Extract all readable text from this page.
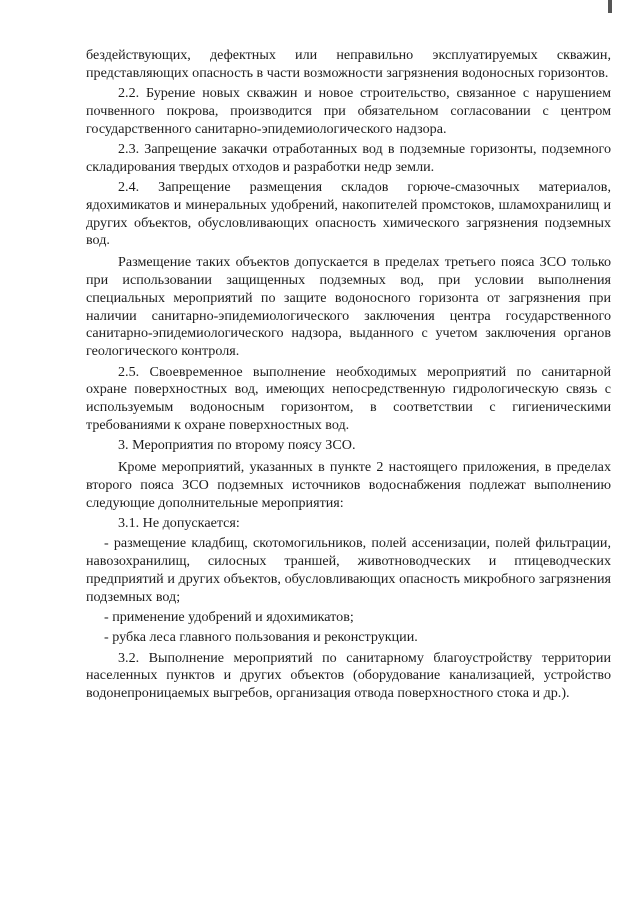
бездействующих, дефектных или неправильно эксплуатируемых скважин, представляющих опасность в части возможности загрязнения водоносных горизонтов.

2.2. Бурение новых скважин и новое строительство, связанное с нарушением почвенного покрова, производится при обязательном согласовании с центром государственного санитарно-эпидемиологического надзора.

2.3. Запрещение закачки отработанных вод в подземные горизонты, подземного складирования твердых отходов и разработки недр земли.

2.4. Запрещение размещения складов горюче-смазочных материалов, ядохимикатов и минеральных удобрений, накопителей промстоков, шламохранилищ и других объектов, обусловливающих опасность химического загрязнения подземных вод.

Размещение таких объектов допускается в пределах третьего пояса ЗСО только при использовании защищенных подземных вод, при условии выполнения специальных мероприятий по защите водоносного горизонта от загрязнения при наличии санитарно-эпидемиологического заключения центра государственного санитарно-эпидемиологического надзора, выданного с учетом заключения органов геологического контроля.

2.5. Своевременное выполнение необходимых мероприятий по санитарной охране поверхностных вод, имеющих непосредственную гидрологическую связь с используемым водоносным горизонтом, в соответствии с гигиеническими требованиями к охране поверхностных вод.

3. Мероприятия по второму поясу ЗСО.

Кроме мероприятий, указанных в пункте 2 настоящего приложения, в пределах второго пояса ЗСО подземных источников водоснабжения подлежат выполнению следующие дополнительные мероприятия:

3.1. Не допускается:

- размещение кладбищ, скотомогильников, полей ассенизации, полей фильтрации, навозохранилищ, силосных траншей, животноводческих и птицеводческих предприятий и других объектов, обусловливающих опасность микробного загрязнения подземных вод;

- применение удобрений и ядохимикатов;

- рубка леса главного пользования и реконструкции.

3.2. Выполнение мероприятий по санитарному благоустройству территории населенных пунктов и других объектов (оборудование канализацией, устройство водонепроницаемых выгребов, организация отвода поверхностного стока и др.).
